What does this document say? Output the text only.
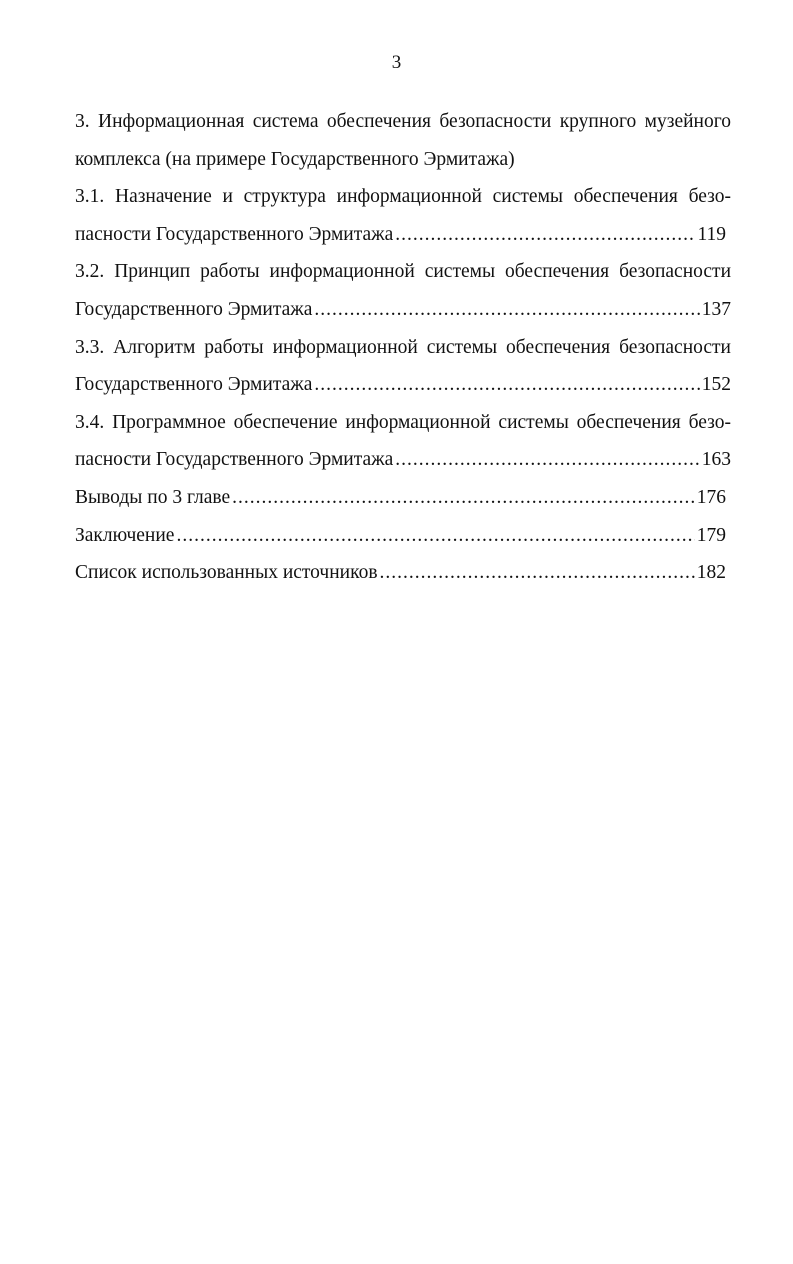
3
3. Информационная система обеспечения безопасности крупного музейного
комплекса (на примере Государственного Эрмитажа)
3.1. Назначение и структура информационной системы обеспечения безо-
пасности Государственного Эрмитажа .....	119
3.2. Принцип работы информационной системы обеспечения безопасности
Государственного Эрмитажа .....	137
3.3. Алгоритм работы информационной системы обеспечения безопасности
Государственного Эрмитажа .....	152
3.4. Программное обеспечение информационной системы обеспечения безо-
пасности Государственного Эрмитажа .....	163
Выводы по 3 главе .....	176
Заключение .....	179
Список использованных источников .....	182
